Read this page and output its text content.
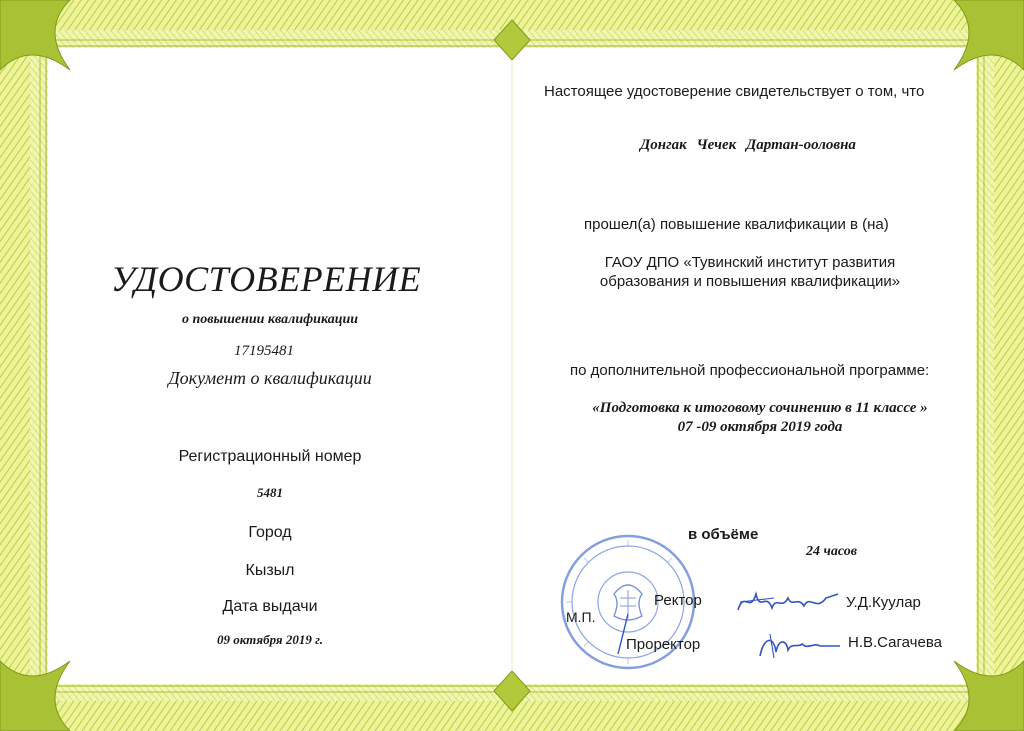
УДОСТОВЕРЕНИЕ
о повышении квалификации
17195481
Документ о квалификации
Регистрационный номер
5481
Город
Кызыл
Дата выдачи
09 октября 2019 г.
Настоящее удостоверение свидетельствует о том, что
Донгак Чечек Дартан-ооловна
прошел(а) повышение квалификации в (на)
ГАОУ ДПО «Тувинский институт развития
образования и повышения квалификации»
по дополнительной профессиональной программе:
«Подготовка к итоговому сочинению в 11 классе »
07 -09 октября 2019 года
в объёме
24 часов
М.П.
Ректор
Проректор
У.Д.Куулар
Н.В.Сагачева
